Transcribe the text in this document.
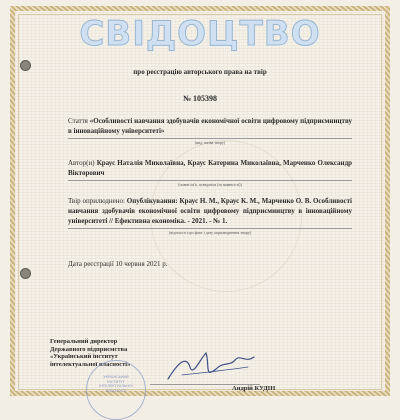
СВІДОЦТВО
про реєстрацію авторського права на твір
№ 105398
Стаття «Особливості навчання здобувачів економічної освіти цифровому підприємництву в інноваційному університеті»
(вид, назва твору)
Автор(и) Краус Наталія Миколаївна, Краус Катерина Миколаївна, Марченко Олександр Вікторович
(повне ім'я, псевдонім (за наявності))
Твір оприлюднено: Опублікування: Краус Н. М., Краус К. М., Марченко О. В. Особливості навчання здобувачів економічної освіти цифровому підприємництву в інноваційному університеті // Ефективна економіка. - 2021. - № 1.
(відомості про факт і дату оприлюднення твору)
Дата реєстрації 10 червня 2021 р.
Генеральний директор
Державного підприємства
«Український інститут
інтелектуальної власності»
УКРАЇНСЬКИЙ
ІНСТИТУТ
ІНТЕЛЕКТУАЛЬНОЇ
ВЛАСНОСТІ	Андрій КУДІН
